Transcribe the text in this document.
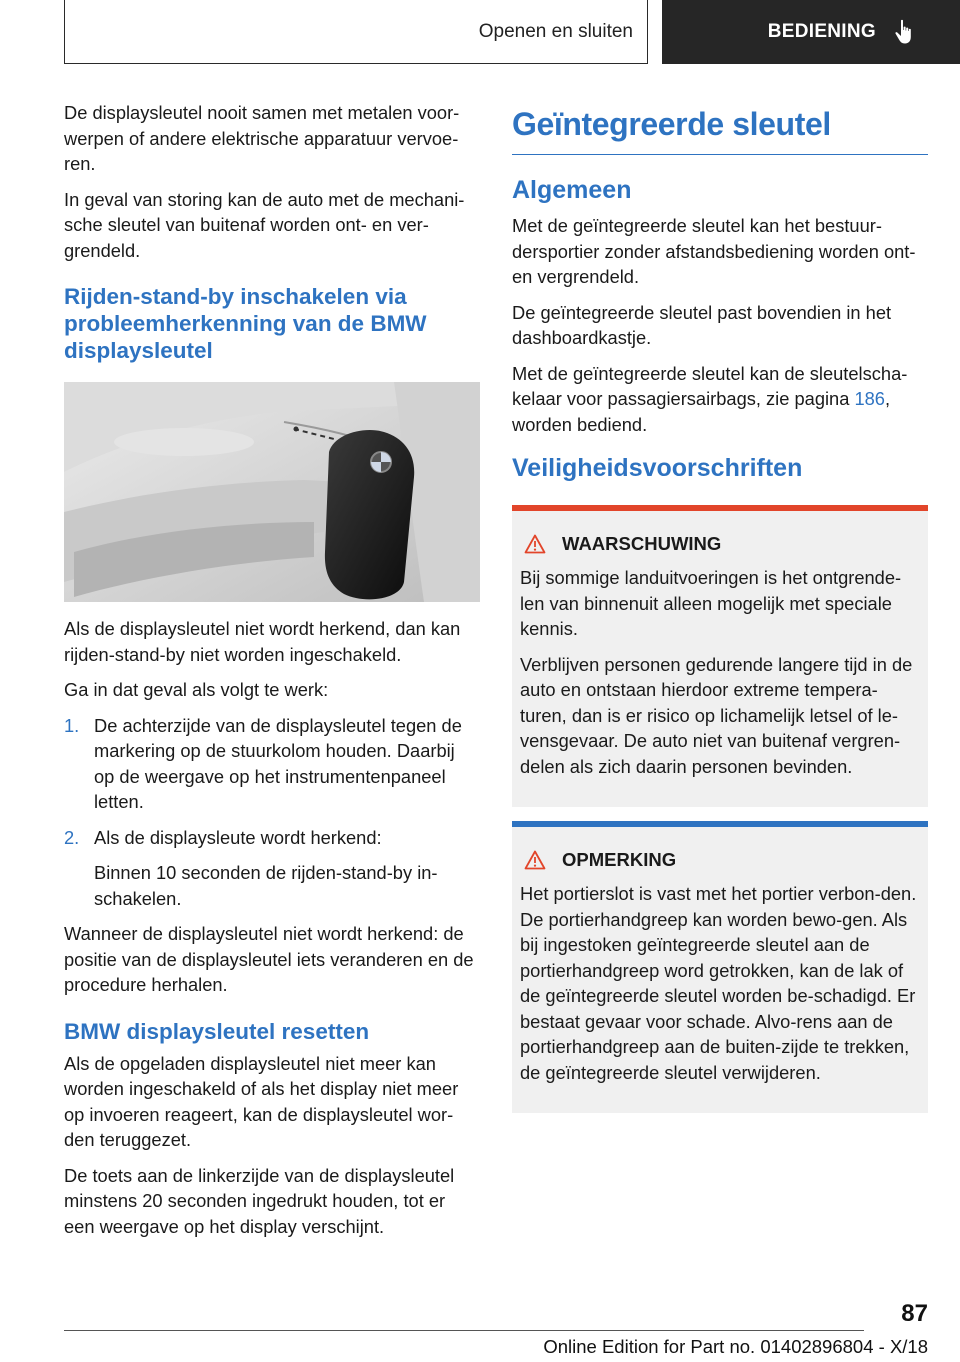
Openen en sluiten	BEDIENING

De displaysleutel nooit samen met metalen voor-werpen of andere elektrische apparatuur vervoe-ren.

In geval van storing kan de auto met de mechani-sche sleutel van buitenaf worden ont- en ver-grendeld.

Rijden-stand-by inschakelen via probleemherkenning van de BMW displaysleutel

Als de displaysleutel niet wordt herkend, dan kan rijden-stand-by niet worden ingeschakeld.

Ga in dat geval als volgt te werk:

1. De achterzijde van de displaysleutel tegen de markering op de stuurkolom houden. Daarbij op de weergave op het instrumentenpaneel letten.

2. Als de displaysleute wordt herkend:

Binnen 10 seconden de rijden-stand-by in-schakelen.

Wanneer de displaysleutel niet wordt herkend: de positie van de displaysleutel iets veranderen en de procedure herhalen.

BMW displaysleutel resetten

Als de opgeladen displaysleutel niet meer kan worden ingeschakeld of als het display niet meer op invoeren reageert, kan de displaysleutel wor-den teruggezet.

De toets aan de linkerzijde van de displaysleutel minstens 20 seconden ingedrukt houden, tot er een weergave op het display verschijnt.

Geïntegreerde sleutel
Algemeen

Met de geïntegreerde sleutel kan het bestuur-dersportier zonder afstandsbediening worden ont- en vergrendeld.

De geïntegreerde sleutel past bovendien in het dashboardkastje.

Met de geïntegreerde sleutel kan de sleutelscha-kelaar voor passagiersairbags, zie pagina 186, worden bediend.

Veiligheidsvoorschriften
WAARSCHUWING

Bij sommige landuitvoeringen is het ontgrende-len van binnenuit alleen mogelijk met speciale kennis.

Verblijven personen gedurende langere tijd in de auto en ontstaan hierdoor extreme tempera-turen, dan is er risico op lichamelijk letsel of le-vensgevaar. De auto niet van buitenaf vergren-delen als zich daarin personen bevinden.

OPMERKING

Het portierslot is vast met het portier verbon-den. De portierhandgreep kan worden bewo-gen. Als bij ingestoken geïntegreerde sleutel aan de portierhandgreep word getrokken, kan de lak of de geïntegreerde sleutel worden be-schadigd. Er bestaat gevaar voor schade. Alvo-rens aan de portierhandgreep aan de buiten-zijde te trekken, de geïntegreerde sleutel verwijderen.

87
Online Edition for Part no. 01402896804 - X/18
